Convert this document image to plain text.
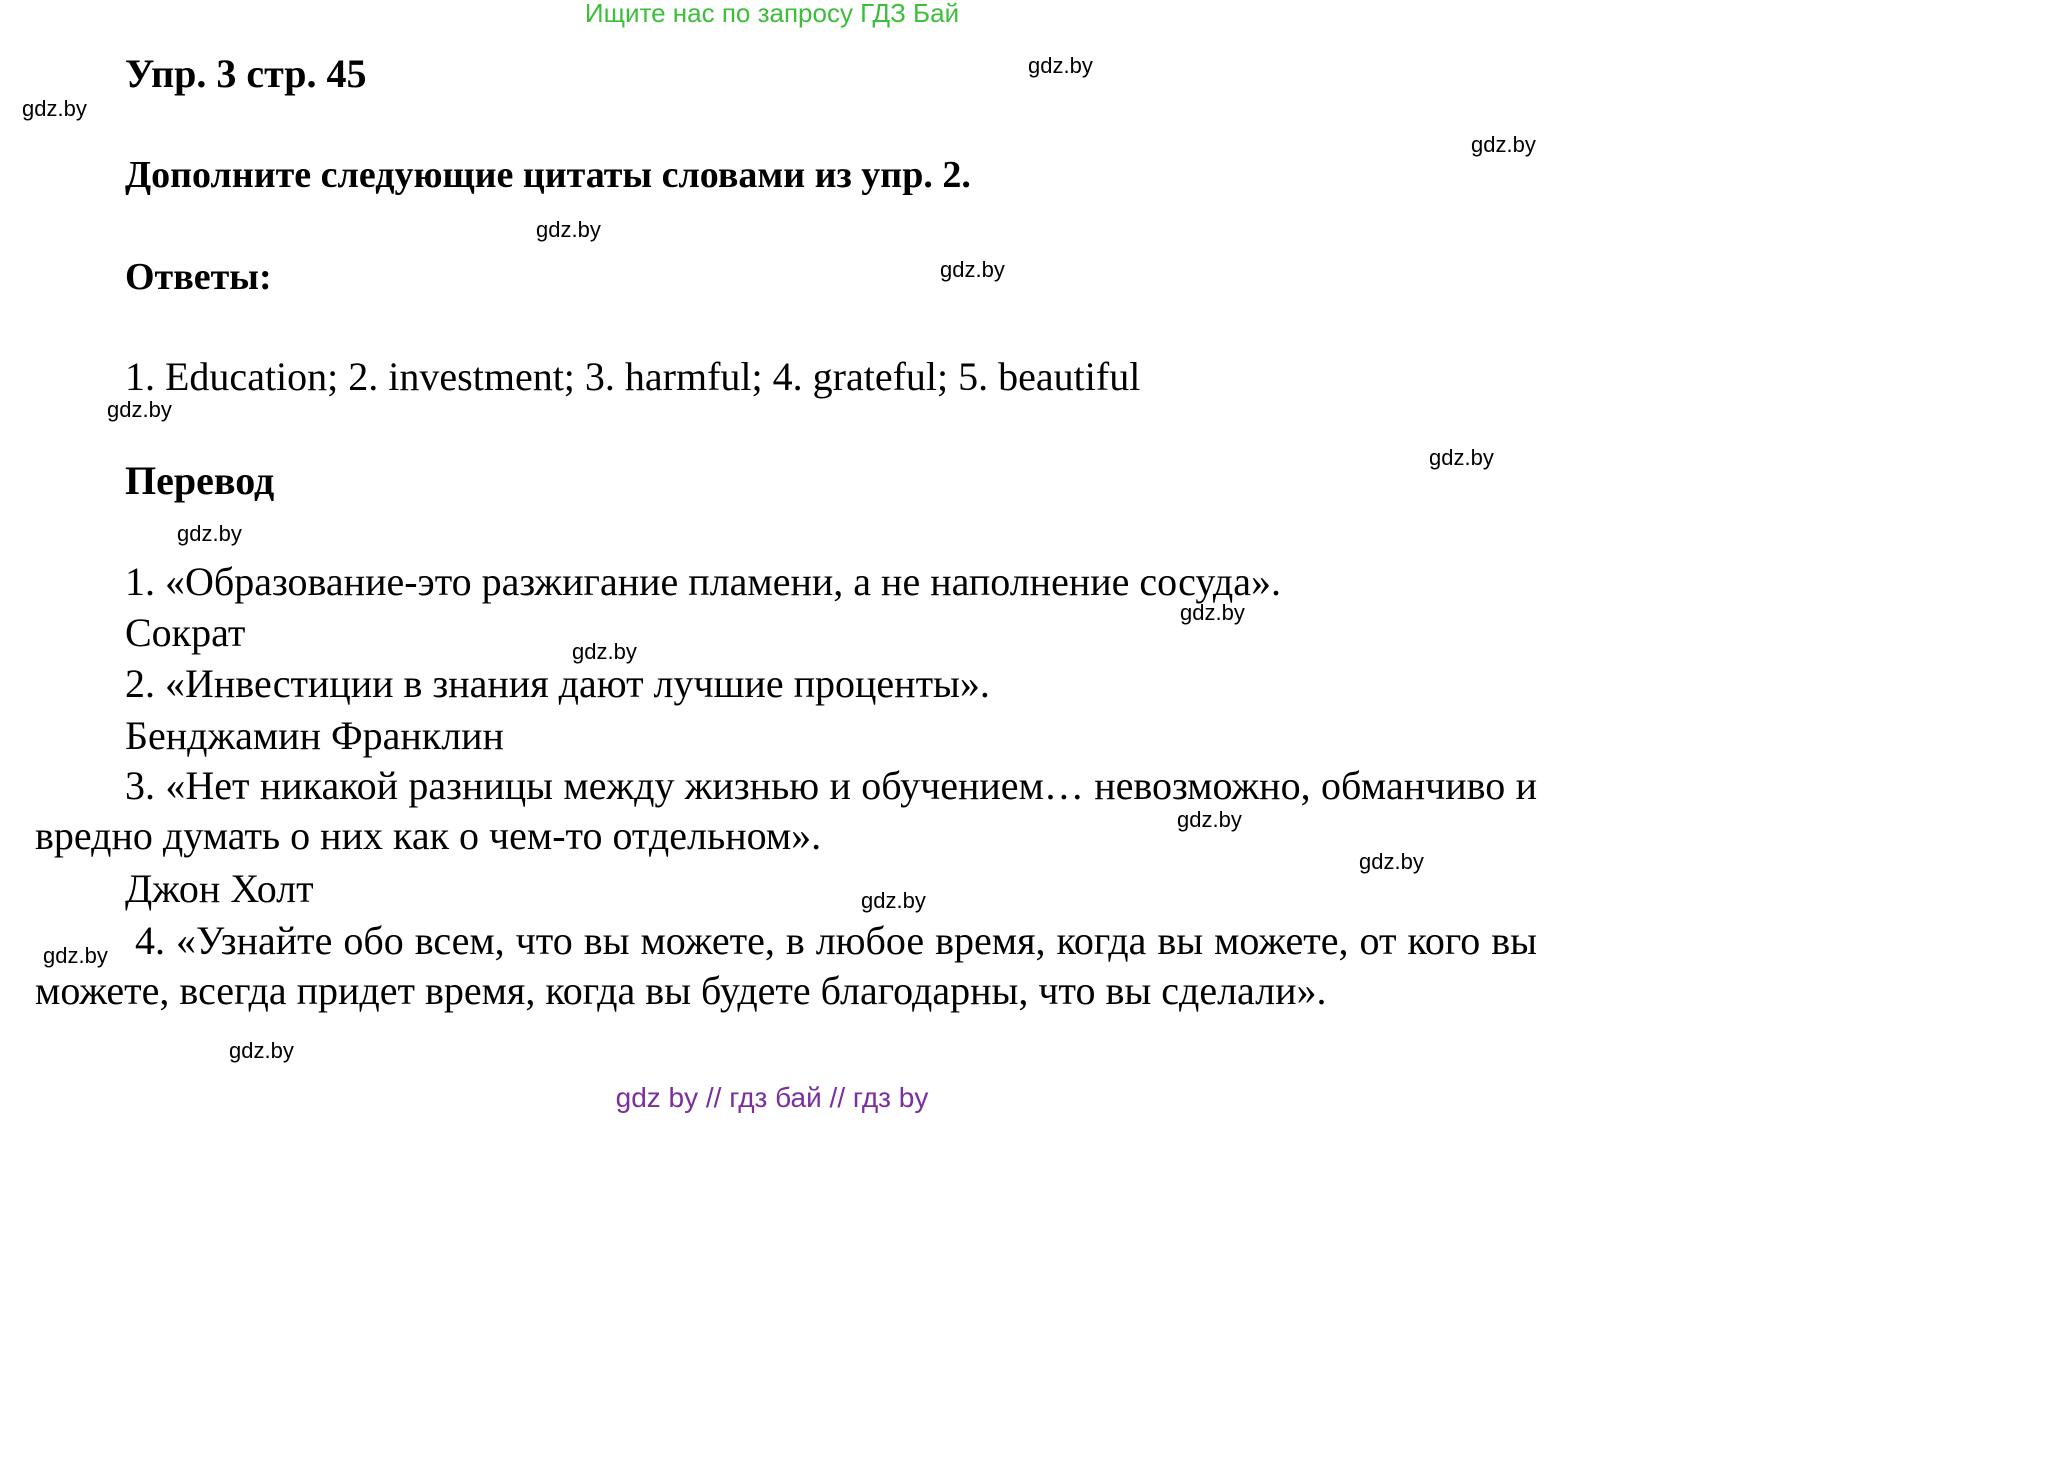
Ищите нас по запросу ГДЗ Бай
Упр. 3 стр. 45
Дополните следующие цитаты словами из упр. 2.
Ответы:
1. Education; 2. investment; 3. harmful; 4. grateful; 5. beautiful
Перевод
1. «Образование-это разжигание пламени, а не наполнение сосуда».
Сократ
2. «Инвестиции в знания дают лучшие проценты».
Бенджамин Франклин
3. «Нет никакой разницы между жизнью и обучением… невозможно, обманчиво и вредно думать о них как о чем-то отдельном».
Джон Холт
4. «Узнайте обо всем, что вы можете, в любое время, когда вы можете, от кого вы можете, всегда придет время, когда вы будете благодарны, что вы сделали».
gdz.by
gdz.by
gdz.by
gdz.by
gdz.by
gdz.by
gdz.by
gdz.by
gdz.by
gdz.by
gdz.by
gdz.by
gdz.by
gdz.by
gdz.by
gdz by // гдз бай // гдз by
